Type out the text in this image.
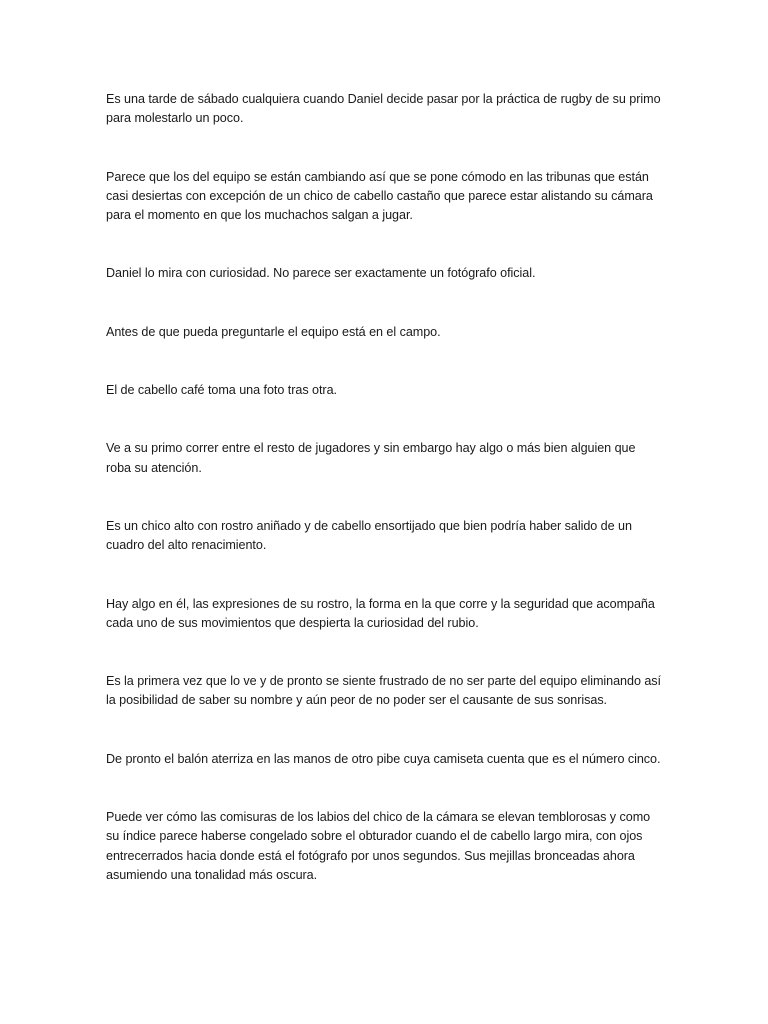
Es una tarde de sábado cualquiera cuando Daniel decide pasar por la práctica de rugby de su primo para molestarlo un poco.

Parece que los del equipo se están cambiando así que se pone cómodo en las tribunas que están casi desiertas con excepción de un chico de cabello castaño que parece estar alistando su cámara para el momento en que los muchachos salgan a jugar.

Daniel lo mira con curiosidad. No parece ser exactamente un fotógrafo oficial.

Antes de que pueda preguntarle el equipo está en el campo.

El de cabello café toma una foto tras otra.

Ve a su primo correr entre el resto de jugadores y sin embargo hay algo o más bien alguien que roba su atención.

Es un chico alto con rostro aniñado y de cabello ensortijado que bien podría haber salido de un cuadro del alto renacimiento.

Hay algo en él, las expresiones de su rostro, la forma en la que corre y la seguridad que acompaña cada uno de sus movimientos que despierta la curiosidad del rubio.

Es la primera vez que lo ve y de pronto se siente frustrado de no ser parte del equipo eliminando así la posibilidad de saber su nombre y aún peor de no poder ser el causante de sus sonrisas.

De pronto el balón aterriza en las manos de otro pibe cuya camiseta cuenta que es el número cinco.

Puede ver cómo las comisuras de los labios del chico de la cámara se elevan temblorosas y como su índice parece haberse congelado sobre el obturador cuando el de cabello largo mira, con ojos entrecerrados hacia donde está el fotógrafo por unos segundos. Sus mejillas bronceadas ahora asumiendo una tonalidad más oscura.
